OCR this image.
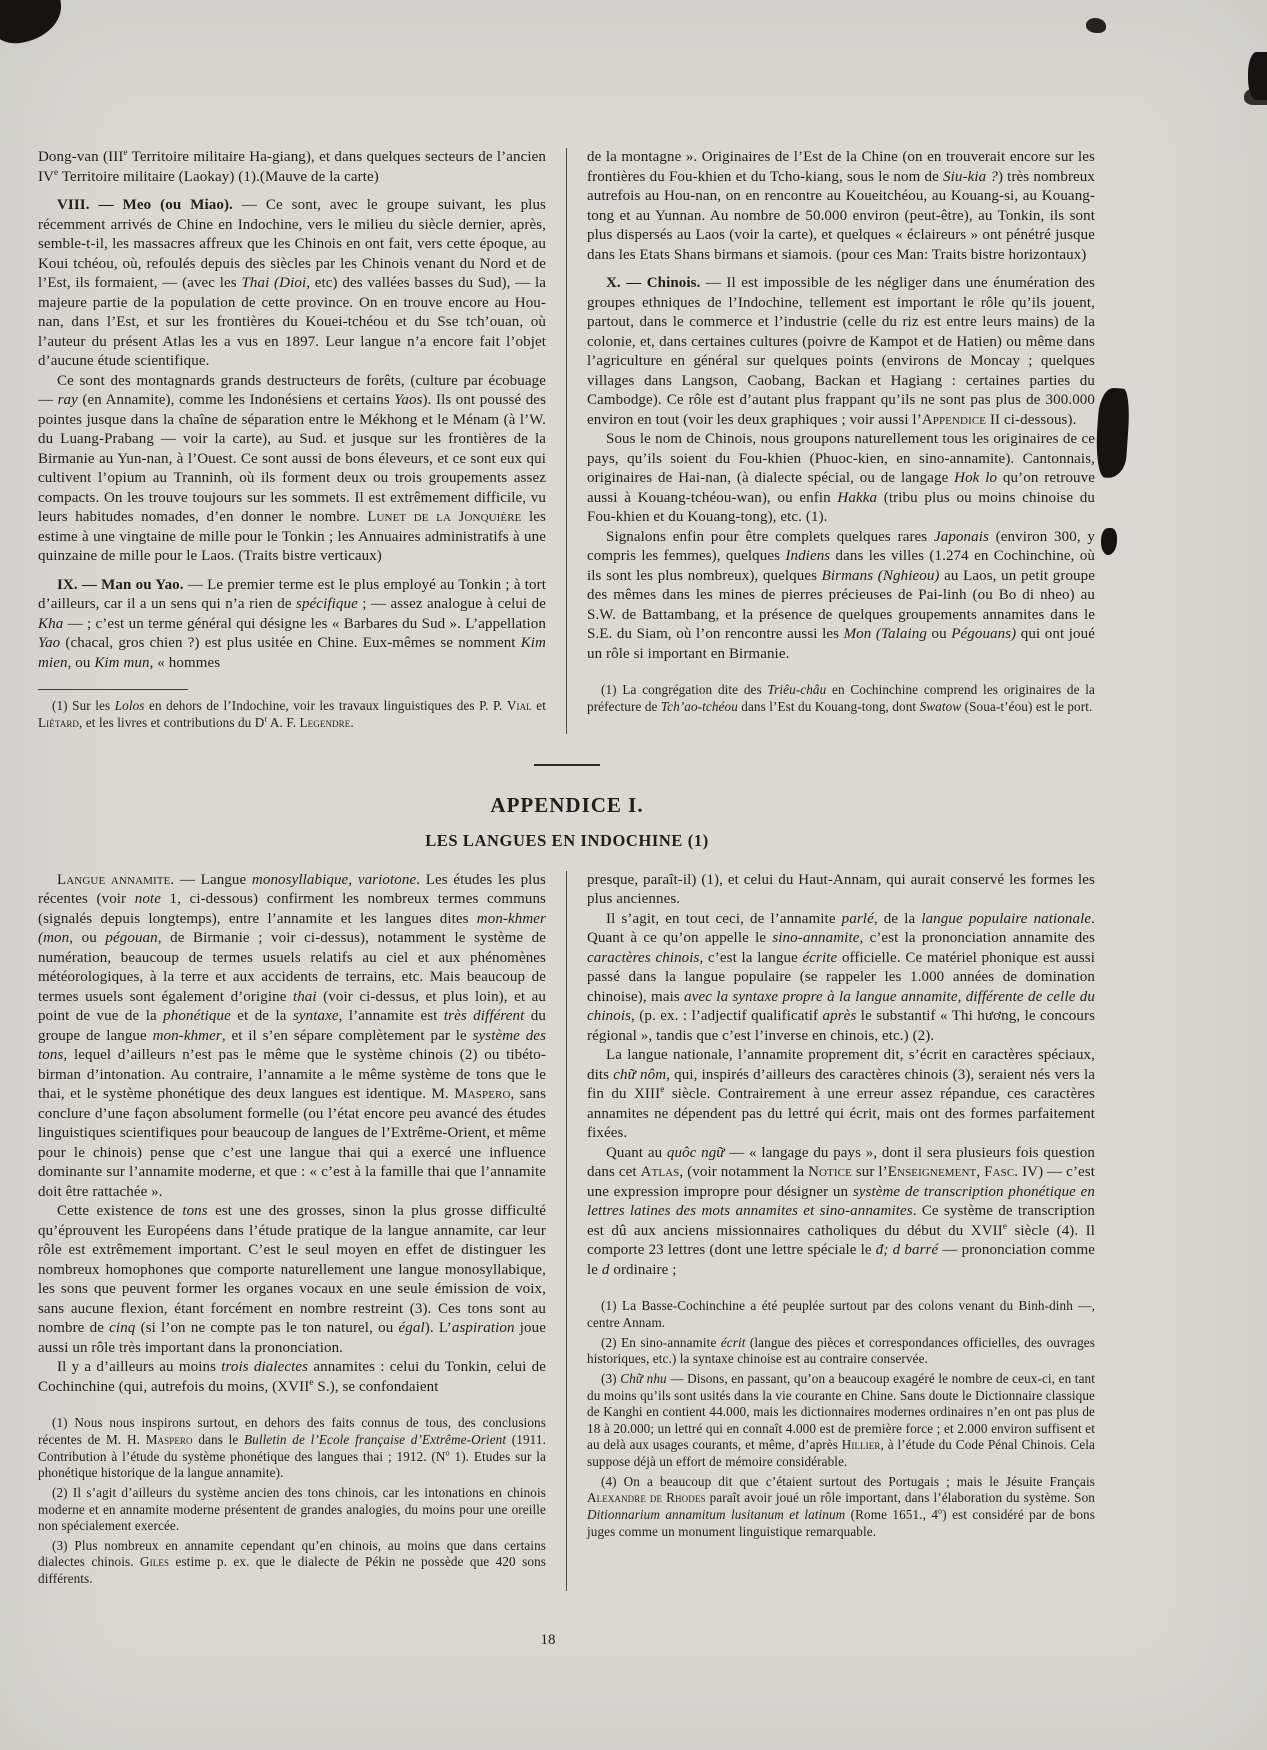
Dong-van (IIIe Territoire militaire Ha-giang), et dans quelques secteurs de l’ancien IVe Territoire militaire (Laokay) (1).(Mauve de la carte)

VIII. — Meo (ou Miao). — Ce sont, avec le groupe suivant, les plus récemment arrivés de Chine en Indochine, vers le milieu du siècle dernier, après, semble-t-il, les massacres affreux que les Chinois en ont fait, vers cette époque, au Koui tchéou, où, refoulés depuis des siècles par les Chinois venant du Nord et de l’Est, ils formaient, — (avec les Thai (Dioi, etc) des vallées basses du Sud), — la majeure partie de la population de cette province. On en trouve encore au Hou-nan, dans l’Est, et sur les frontières du Kouei-tchéou et du Sse tch’ouan, où l’auteur du présent Atlas les a vus en 1897. Leur langue n’a encore fait l’objet d’aucune étude scientifique.

Ce sont des montagnards grands destructeurs de forêts, (culture par écobuage — ray (en Annamite), comme les Indonésiens et certains Yaos). Ils ont poussé des pointes jusque dans la chaîne de séparation entre le Mékhong et le Ménam (à l’W. du Luang-Prabang — voir la carte), au Sud. et jusque sur les frontières de la Birmanie au Yun-nan, à l’Ouest. Ce sont aussi de bons éleveurs, et ce sont eux qui cultivent l’opium au Tranninh, où ils forment deux ou trois groupements assez compacts. On les trouve toujours sur les sommets. Il est extrêmement difficile, vu leurs habitudes nomades, d’en donner le nombre. Lunet de la Jonquière les estime à une vingtaine de mille pour le Tonkin ; les Annuaires administratifs à une quinzaine de mille pour le Laos. (Traits bistre verticaux)

IX. — Man ou Yao. — Le premier terme est le plus employé au Tonkin ; à tort d’ailleurs, car il a un sens qui n’a rien de spécifique ; — assez analogue à celui de Kha — ; c’est un terme général qui désigne les « Barbares du Sud ». L’appellation Yao (chacal, gros chien ?) est plus usitée en Chine. Eux-mêmes se nomment Kim mien, ou Kim mun, « hommes

(1) Sur les Lolos en dehors de l’Indochine, voir les travaux linguistiques des P. P. Vial et Liétard, et les livres et contributions du $D^r$ A. F. Legendre.

de la montagne ». Originaires de l’Est de la Chine (on en trouverait encore sur les frontières du Fou-khien et du Tcho-kiang, sous le nom de Siu-kia ?) très nombreux autrefois au Hou-nan, on en rencontre au Koueitchéou, au Kouang-si, au Kouang-tong et au Yunnan. Au nombre de 50.000 environ (peut-être), au Tonkin, ils sont plus dispersés au Laos (voir la carte), et quelques « éclaireurs » ont pénétré jusque dans les Etats Shans birmans et siamois. (pour ces Man: Traits bistre horizontaux)

X. — Chinois. — Il est impossible de les négliger dans une énumération des groupes ethniques de l’Indochine, tellement est important le rôle qu’ils jouent, partout, dans le commerce et l’industrie (celle du riz est entre leurs mains) de la colonie, et, dans certaines cultures (poivre de Kampot et de Hatien) ou même dans l’agriculture en général sur quelques points (environs de Moncay ; quelques villages dans Langson, Caobang, Backan et Hagiang : certaines parties du Cambodge). Ce rôle est d’autant plus frappant qu’ils ne sont pas plus de 300.000 environ en tout (voir les deux graphiques ; voir aussi l’Appendice II ci-dessous).

Sous le nom de Chinois, nous groupons naturellement tous les originaires de ce pays, qu’ils soient du Fou-khien (Phuoc-kien, en sino-annamite). Cantonnais, originaires de Hai-nan, (à dialecte spécial, ou de langage Hok lo qu’on retrouve aussi à Kouang-tchéou-wan), ou enfin Hakka (tribu plus ou moins chinoise du Fou-khien et du Kouang-tong), etc. (1).

Signalons enfin pour être complets quelques rares Japonais (environ 300, y compris les femmes), quelques Indiens dans les villes (1.274 en Cochinchine, où ils sont les plus nombreux), quelques Birmans (Nghieou) au Laos, un petit groupe des mêmes dans les mines de pierres précieuses de Pai-linh (ou Bo di nheo) au S.W. de Battambang, et la présence de quelques groupements annamites dans le S.E. du Siam, où l’on rencontre aussi les Mon (Talaing ou Pégouans) qui ont joué un rôle si important en Birmanie.

(1) La congrégation dite des Triêu-châu en Cochinchine comprend les originaires de la préfecture de Tch’ao-tchéou dans l’Est du Kouang-tong, dont Swatow (Soua-t’éou) est le port.

APPENDICE I.
LES LANGUES EN INDOCHINE (1)

Langue annamite. — Langue monosyllabique, variotone. Les études les plus récentes (voir note 1, ci-dessous) confirment les nombreux termes communs (signalés depuis longtemps), entre l’annamite et les langues dites mon-khmer (mon, ou pégouan, de Birmanie ; voir ci-dessus), notamment le système de numération, beaucoup de termes usuels relatifs au ciel et aux phénomènes météorologiques, à la terre et aux accidents de terrains, etc. Mais beaucoup de termes usuels sont également d’origine thai (voir ci-dessus, et plus loin), et au point de vue de la phonétique et de la syntaxe, l’annamite est très différent du groupe de langue mon-khmer, et il s’en sépare complètement par le système des tons, lequel d’ailleurs n’est pas le même que le système chinois (2) ou tibéto-birman d’intonation. Au contraire, l’annamite a le même système de tons que le thai, et le système phonétique des deux langues est identique. M. Maspero, sans conclure d’une façon absolument formelle (ou l’état encore peu avancé des études linguistiques scientifiques pour beaucoup de langues de l’Extrême-Orient, et même pour le chinois) pense que c’est une langue thai qui a exercé une influence dominante sur l’annamite moderne, et que : « c’est à la famille thai que l’annamite doit être rattachée ».

Cette existence de tons est une des grosses, sinon la plus grosse difficulté qu’éprouvent les Européens dans l’étude pratique de la langue annamite, car leur rôle est extrêmement important. C’est le seul moyen en effet de distinguer les nombreux homophones que comporte naturellement une langue monosyllabique, les sons que peuvent former les organes vocaux en une seule émission de voix, sans aucune flexion, étant forcément en nombre restreint (3). Ces tons sont au nombre de cinq (si l’on ne compte pas le ton naturel, ou égal). L’aspiration joue aussi un rôle très important dans la prononciation.

Il y a d’ailleurs au moins trois dialectes annamites : celui du Tonkin, celui de Cochinchine (qui, autrefois du moins, (XVIIe S.), se confondaient

(1) Nous nous inspirons surtout, en dehors des faits connus de tous, des conclusions récentes de M. H. Maspero dans le Bulletin de l’Ecole française d’Extrême-Orient (1911. Contribution à l’étude du système phonétique des langues thai ; 1912. ($N^o$ 1). Etudes sur la phonétique historique de la langue annamite).

(2) Il s’agit d’ailleurs du système ancien des tons chinois, car les intonations en chinois moderne et en annamite moderne présentent de grandes analogies, du moins pour une oreille non spécialement exercée.

(3) Plus nombreux en annamite cependant qu’en chinois, au moins que dans certains dialectes chinois. Giles estime p. ex. que le dialecte de Pékin ne possède que 420 sons différents.

presque, paraît-il) (1), et celui du Haut-Annam, qui aurait conservé les formes les plus anciennes.

Il s’agit, en tout ceci, de l’annamite parlé, de la langue populaire nationale. Quant à ce qu’on appelle le sino-annamite, c’est la prononciation annamite des caractères chinois, c’est la langue écrite officielle. Ce matériel phonique est aussi passé dans la langue populaire (se rappeler les 1.000 années de domination chinoise), mais avec la syntaxe propre à la langue annamite, différente de celle du chinois, (p. ex. : l’adjectif qualificatif après le substantif « Thi hương, le concours régional », tandis que c’est l’inverse en chinois, etc.) (2).

La langue nationale, l’annamite proprement dit, s’écrit en caractères spéciaux, dits chữ nôm, qui, inspirés d’ailleurs des caractères chinois (3), seraient nés vers la fin du XIIIe siècle. Contrairement à une erreur assez répandue, ces caractères annamites ne dépendent pas du lettré qui écrit, mais ont des formes parfaitement fixées.

Quant au quôc ngữ — « langage du pays », dont il sera plusieurs fois question dans cet Atlas, (voir notamment la Notice sur l’Enseignement, Fasc. IV) — c’est une expression impropre pour désigner un système de transcription phonétique en lettres latines des mots annamites et sino-annamites. Ce système de transcription est dû aux anciens missionnaires catholiques du début du XVIIe siècle (4). Il comporte 23 lettres (dont une lettre spéciale le đ; d barré — prononciation comme le d ordinaire ;

(1) La Basse-Cochinchine a été peuplée surtout par des colons venant du Binh-dinh —, centre Annam.

(2) En sino-annamite écrit (langue des pièces et correspondances officielles, des ouvrages historiques, etc.) la syntaxe chinoise est au contraire conservée.

(3) Chữ nhu — Disons, en passant, qu’on a beaucoup exagéré le nombre de ceux-ci, en tant du moins qu’ils sont usités dans la vie courante en Chine. Sans doute le Dictionnaire classique de Kanghi en contient 44.000, mais les dictionnaires modernes ordinaires n’en ont pas plus de 18 à 20.000; un lettré qui en connaît 4.000 est de première force ; et 2.000 environ suffisent et au delà aux usages courants, et même, d’après Hillier, à l’étude du Code Pénal Chinois. Cela suppose déjà un effort de mémoire considérable.

(4) On a beaucoup dit que c’étaient surtout des Portugais ; mais le Jésuite Français Alexandre de Rhodes paraît avoir joué un rôle important, dans l’élaboration du système. Son Ditionnarium annamitum lusitanum et latinum (Rome 1651., 4$^o$) est considéré par de bons juges comme un monument linguistique remarquable.

18
